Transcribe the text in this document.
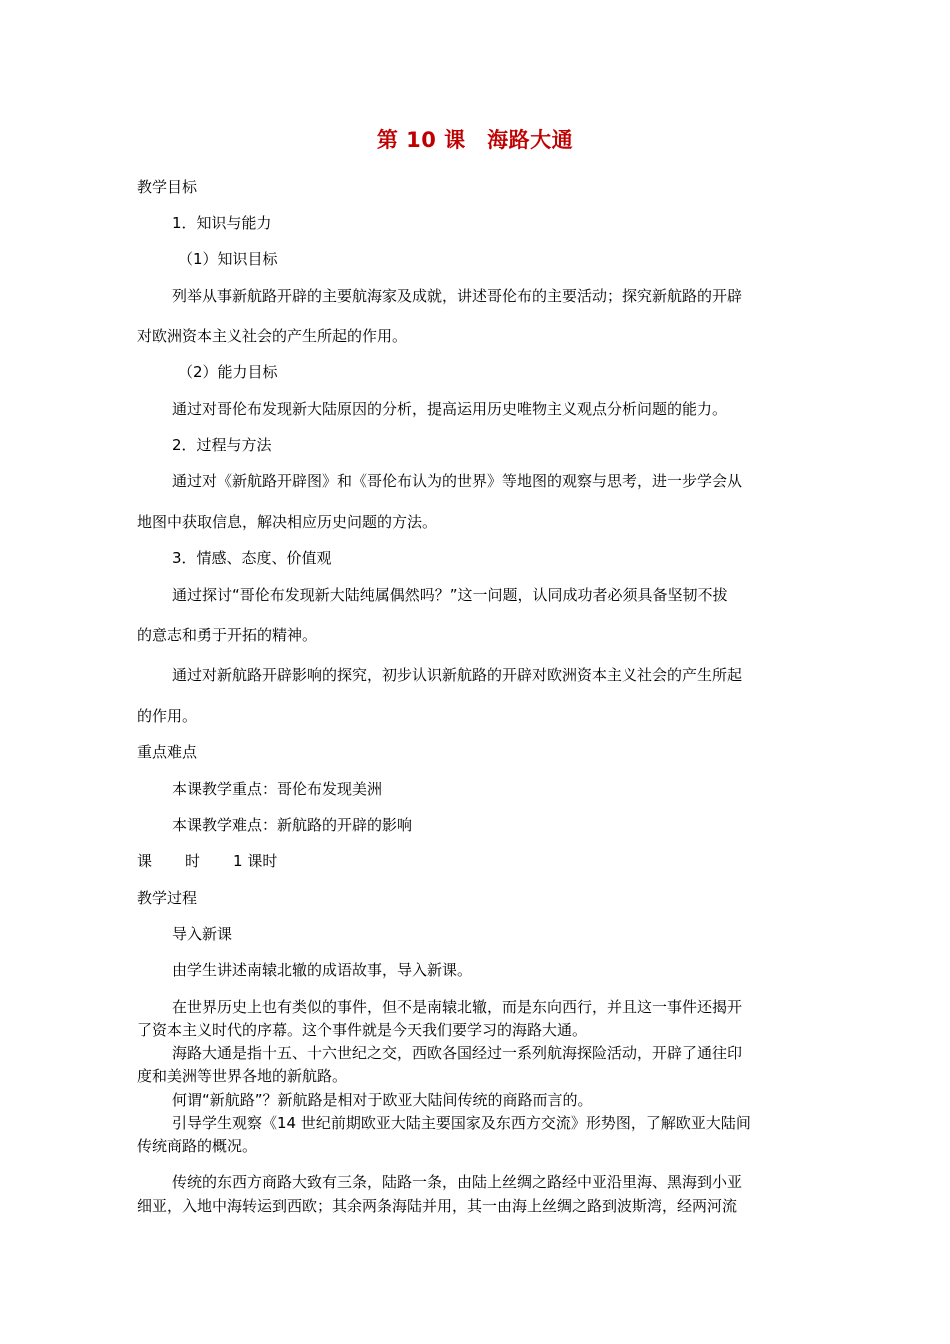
第 10 课　海路大通
教学目标
1．知识与能力
（1）知识目标
列举从事新航路开辟的主要航海家及成就，讲述哥伦布的主要活动；探究新航路的开辟
对欧洲资本主义社会的产生所起的作用。
（2）能力目标
通过对哥伦布发现新大陆原因的分析，提高运用历史唯物主义观点分析问题的能力。
2．过程与方法
通过对《新航路开辟图》和《哥伦布认为的世界》等地图的观察与思考，进一步学会从
地图中获取信息，解决相应历史问题的方法。
3．情感、态度、价值观
通过探讨“哥伦布发现新大陆纯属偶然吗？”这一问题，认同成功者必须具备坚韧不拔
的意志和勇于开拓的精神。
通过对新航路开辟影响的探究，初步认识新航路的开辟对欧洲资本主义社会的产生所起
的作用。
重点难点
本课教学重点：哥伦布发现美洲
本课教学难点：新航路的开辟的影响
课 时 1 课时
教学过程
导入新课
由学生讲述南辕北辙的成语故事，导入新课。
在世界历史上也有类似的事件，但不是南辕北辙，而是东向西行，并且这一事件还揭开
了资本主义时代的序幕。这个事件就是今天我们要学习的海路大通。
海路大通是指十五、十六世纪之交，西欧各国经过一系列航海探险活动，开辟了通往印
度和美洲等世界各地的新航路。
何谓“新航路”？新航路是相对于欧亚大陆间传统的商路而言的。
引导学生观察《14 世纪前期欧亚大陆主要国家及东西方交流》形势图，了解欧亚大陆间
传统商路的概况。
传统的东西方商路大致有三条，陆路一条，由陆上丝绸之路经中亚沿里海、黑海到小亚
细亚，入地中海转运到西欧；其余两条海陆并用，其一由海上丝绸之路到波斯湾，经两河流
